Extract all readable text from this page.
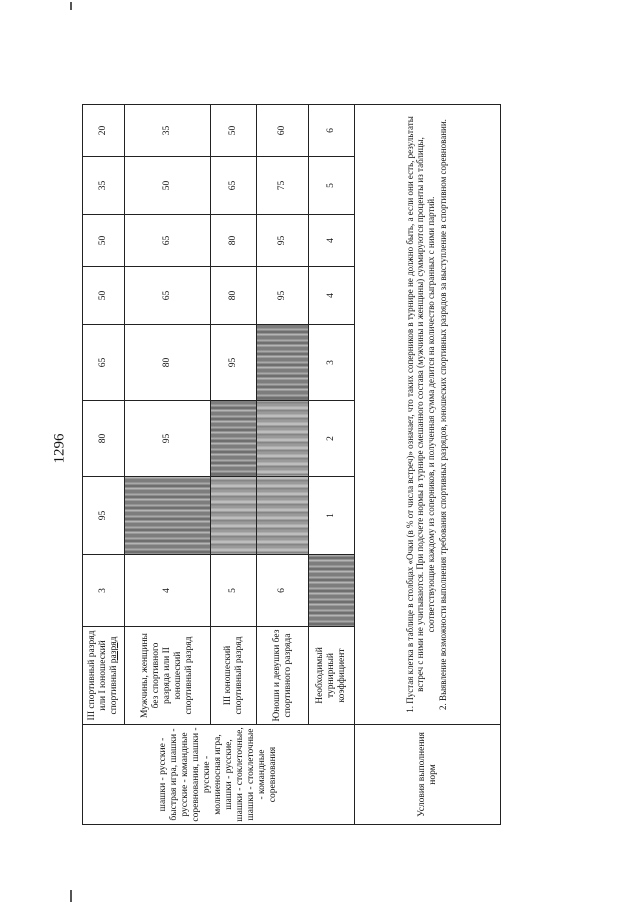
1296
шашки - русские - быстрая игра, шашки - русские - командные соревнования, шашки - русские - молниеносная игра, шашки - русские, шашки - стоклеточные, шашки - стоклеточные - командные соревнования	III спортивный разряд или I юношеский спортивный разряд	3	95	80	65	50	50	35	20
	Мужчины, женщины без спортивного разряда или II юношеский спортивный разряд	4		95	80	65	65	50	35
	III юношеский спортивный разряд	5			95	80	80	65	50
	Юноши и девушки без спортивного разряда	6				95	95	75	60
	Необходимый турнирный коэффициент		1	2	3	4	4	5	6
Условия выполнения норм	1. Пустая клетка в таблице в столбцах «Очки (в % от числа встреч)» означает, что таких соперников в турнире не должно быть, а если они есть, результаты встреч с ними не учитываются. При подсчете нормы в турнире смешанного состава (мужчины и женщины) суммируются проценты из таблицы, соответствующие каждому из соперников, и полученная сумма делится на количество сыгранных с ними партий. 2. Выявление возможности выполнения требования спортивных разрядов, юношеских спортивных разрядов за выступление в спортивном соревновании.								
